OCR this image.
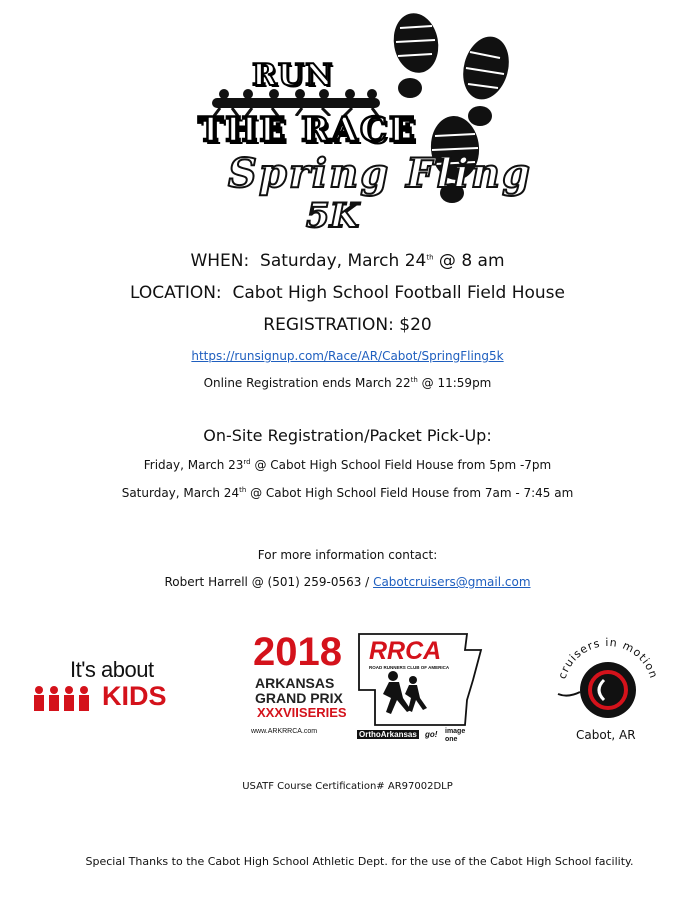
RUN
THE RACE
Spring Fling
5K
WHEN: Saturday, March 24th @ 8 am
LOCATION: Cabot High School Football Field House
REGISTRATION: $20
https://runsignup.com/Race/AR/Cabot/SpringFling5k
Online Registration ends March 22th @ 11:59pm
On-Site Registration/Packet Pick-Up:
Friday, March 23rd @ Cabot High School Field House from 5pm -7pm
Saturday, March 24th @ Cabot High School Field House from 7am - 7:45 am
For more information contact:
Robert Harrell @ (501) 259-0563 / Cabotcruisers@gmail.com
It's about
KIDS
2018 RRCA
ROAD RUNNERS CLUB OF AMERICA
ARKANSAS
GRAND PRIX
XXXVIISERIES
www.ARKRRCA.com	OrthoArkansas go! image one
cruisers in motion
Cabot, AR
USATF Course Certification# AR97002DLP
Special Thanks to the Cabot High School Athletic Dept. for the use of the Cabot High School facility.
